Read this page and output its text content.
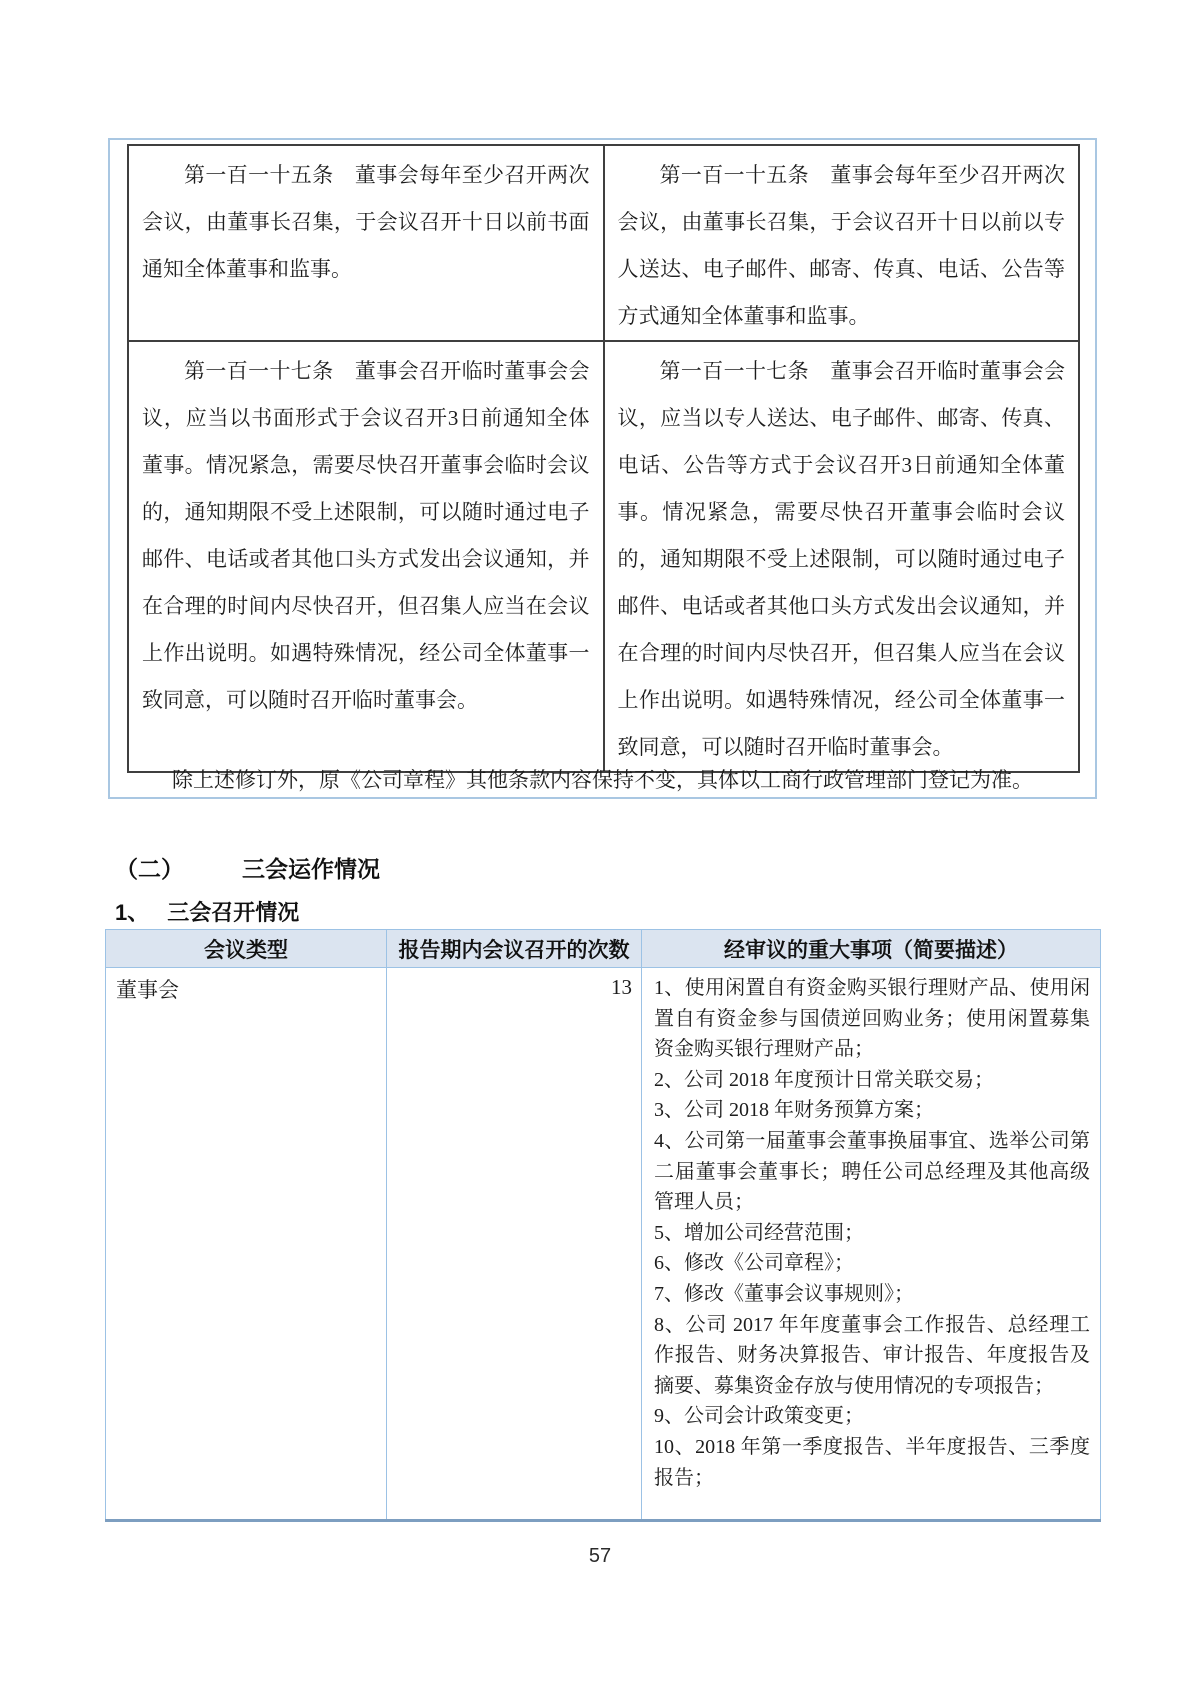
第一百一十五条　董事会每年至少召开两次会议，由董事长召集，于会议召开十日以前书面通知全体董事和监事。	第一百一十五条　董事会每年至少召开两次会议，由董事长召集，于会议召开十日以前以专人送达、电子邮件、邮寄、传真、电话、公告等方式通知全体董事和监事。

第一百一十七条　董事会召开临时董事会会议，应当以书面形式于会议召开3日前通知全体董事。情况紧急，需要尽快召开董事会临时会议的，通知期限不受上述限制，可以随时通过电子邮件、电话或者其他口头方式发出会议通知，并在合理的时间内尽快召开，但召集人应当在会议上作出说明。如遇特殊情况，经公司全体董事一致同意，可以随时召开临时董事会。	第一百一十七条　董事会召开临时董事会会议，应当以专人送达、电子邮件、邮寄、传真、电话、公告等方式于会议召开3日前通知全体董事。情况紧急，需要尽快召开董事会临时会议的，通知期限不受上述限制，可以随时通过电子邮件、电话或者其他口头方式发出会议通知，并在合理的时间内尽快召开，但召集人应当在会议上作出说明。如遇特殊情况，经公司全体董事一致同意，可以随时召开临时董事会。
除上述修订外，原《公司章程》其他条款内容保持不变，具体以工商行政管理部门登记为准。
（二）	三会运作情况
1、 三会召开情况
会议类型	报告期内会议召开的次数	经审议的重大事项（简要描述）
董事会	13	1、使用闲置自有资金购买银行理财产品、使用闲置自有资金参与国债逆回购业务；使用闲置募集资金购买银行理财产品；
2、公司 2018 年度预计日常关联交易；
3、公司 2018 年财务预算方案；
4、公司第一届董事会董事换届事宜、选举公司第二届董事会董事长；聘任公司总经理及其他高级管理人员；
5、增加公司经营范围；
6、修改《公司章程》；
7、修改《董事会议事规则》；
8、公司 2017 年年度董事会工作报告、总经理工作报告、财务决算报告、审计报告、年度报告及摘要、募集资金存放与使用情况的专项报告；
9、公司会计政策变更；
10、2018 年第一季度报告、半年度报告、三季度报告；
57
